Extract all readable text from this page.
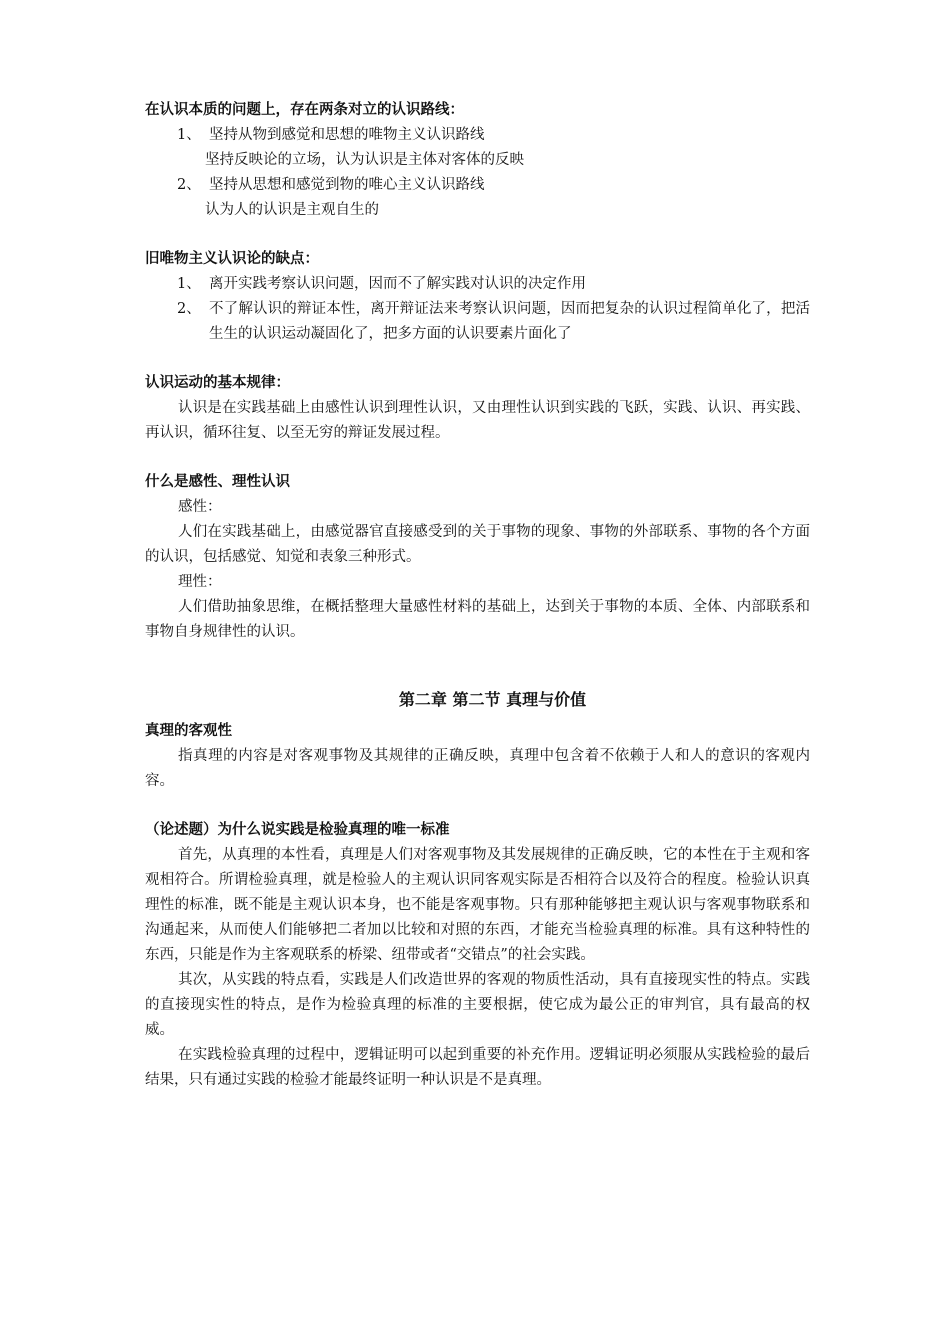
在认识本质的问题上，存在两条对立的认识路线：
1、 坚持从物到感觉和思想的唯物主义认识路线
坚持反映论的立场，认为认识是主体对客体的反映
2、 坚持从思想和感觉到物的唯心主义认识路线
认为人的认识是主观自生的
旧唯物主义认识论的缺点：
1、 离开实践考察认识问题，因而不了解实践对认识的决定作用
2、 不了解认识的辩证本性，离开辩证法来考察认识问题，因而把复杂的认识过程简单化了，把活生生的认识运动凝固化了，把多方面的认识要素片面化了
认识运动的基本规律：
认识是在实践基础上由感性认识到理性认识，又由理性认识到实践的飞跃，实践、认识、再实践、再认识，循环往复、以至无穷的辩证发展过程。
什么是感性、理性认识
感性：
人们在实践基础上，由感觉器官直接感受到的关于事物的现象、事物的外部联系、事物的各个方面的认识，包括感觉、知觉和表象三种形式。
理性：
人们借助抽象思维，在概括整理大量感性材料的基础上，达到关于事物的本质、全体、内部联系和事物自身规律性的认识。
第二章 第二节 真理与价值
真理的客观性
指真理的内容是对客观事物及其规律的正确反映，真理中包含着不依赖于人和人的意识的客观内容。
（论述题）为什么说实践是检验真理的唯一标准
首先，从真理的本性看，真理是人们对客观事物及其发展规律的正确反映，它的本性在于主观和客观相符合。所谓检验真理，就是检验人的主观认识同客观实际是否相符合以及符合的程度。检验认识真理性的标准，既不能是主观认识本身，也不能是客观事物。只有那种能够把主观认识与客观事物联系和沟通起来，从而使人们能够把二者加以比较和对照的东西，才能充当检验真理的标准。具有这种特性的东西，只能是作为主客观联系的桥梁、纽带或者“交错点”的社会实践。
其次，从实践的特点看，实践是人们改造世界的客观的物质性活动，具有直接现实性的特点。实践的直接现实性的特点，是作为检验真理的标准的主要根据，使它成为最公正的审判官，具有最高的权威。
在实践检验真理的过程中，逻辑证明可以起到重要的补充作用。逻辑证明必须服从实践检验的最后结果，只有通过实践的检验才能最终证明一种认识是不是真理。
